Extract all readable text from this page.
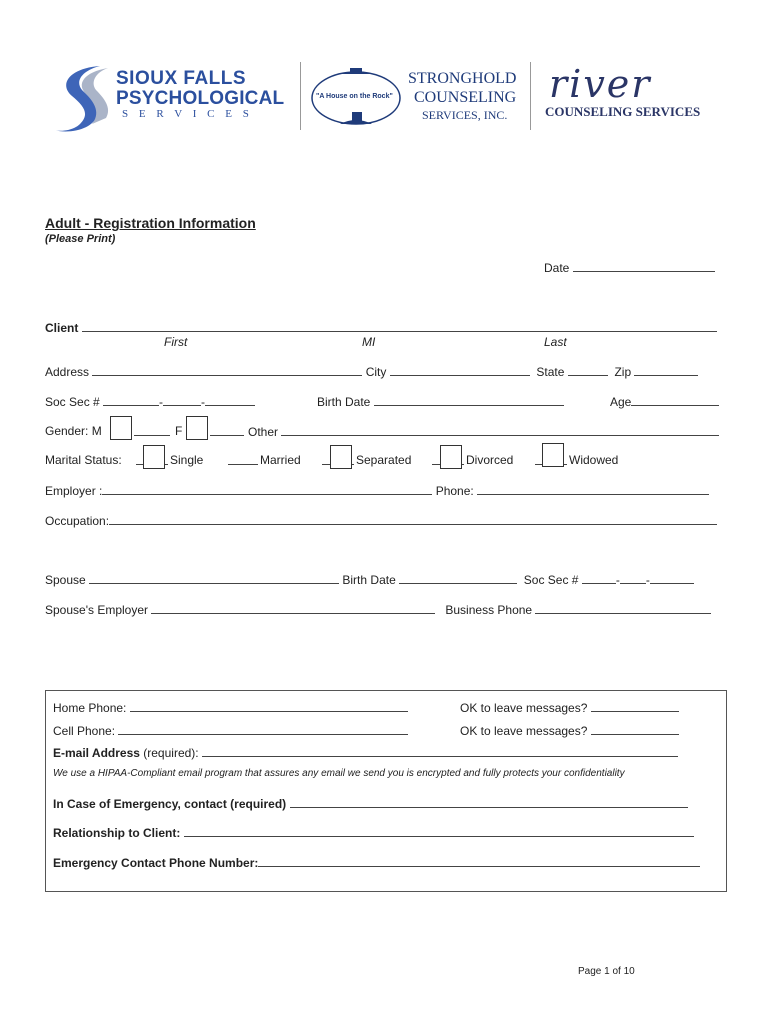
SIOUX FALLS
PSYCHOLOGICAL
S E R V I C E S
"A House on the Rock"
STRONGHOLD
COUNSELING
SERVICES, INC.
river
COUNSELING SERVICES
Adult - Registration Information
(Please Print)
Date
Client
First	MI	Last
Address	City	State	Zip
Soc Sec #	-	-	Birth Date	Age
Gender: M	F	Other
Marital Status:	Single	Married	Separated	Divorced	Widowed
Employer :	Phone:
Occupation:
Spouse	Birth Date	Soc Sec #	- -
Spouse's Employer	Business Phone
Home Phone:	OK to leave messages?
Cell Phone:	OK to leave messages?
E-mail Address (required):
We use a HIPAA-Compliant email program that assures any email we send you is encrypted and fully protects your confidentiality
In Case of Emergency, contact (required)
Relationship to Client:
Emergency Contact Phone Number:
Page 1 of 10
